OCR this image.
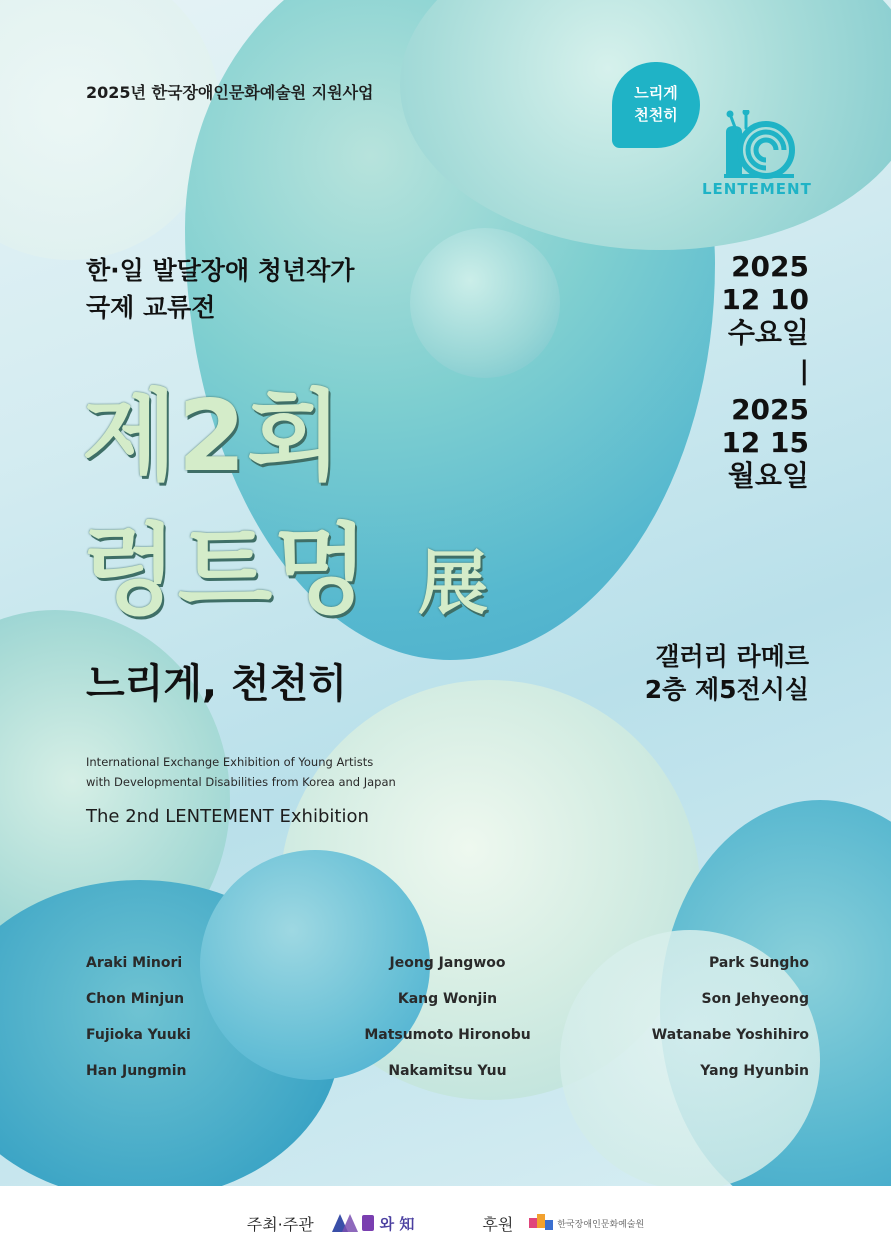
2025년 한국장애인문화예술원 지원사업	느리게
천천히
LENTEMENT
한·일 발달장애 청년작가
국제 교류전
제2회
렁트멍 展
느리게, 천천히
International Exchange Exhibition of Young Artists
with Developmental Disabilities from Korea and Japan
The 2nd LENTEMENT Exhibition
2025
12 10
수요일
|
2025
12 15
월요일
갤러리 라메르
2층 제5전시실
Araki Minori	Jeong Jangwoo	Park Sungho
Chon Minjun	Kang Wonjin	Son Jehyeong
Fujioka Yuuki	Matsumoto Hironobu	Watanabe Yoshihiro
Han Jungmin	Nakamitsu Yuu	Yang Hyunbin
주최·주관	와 知	후원	한국장애인문화예술원
